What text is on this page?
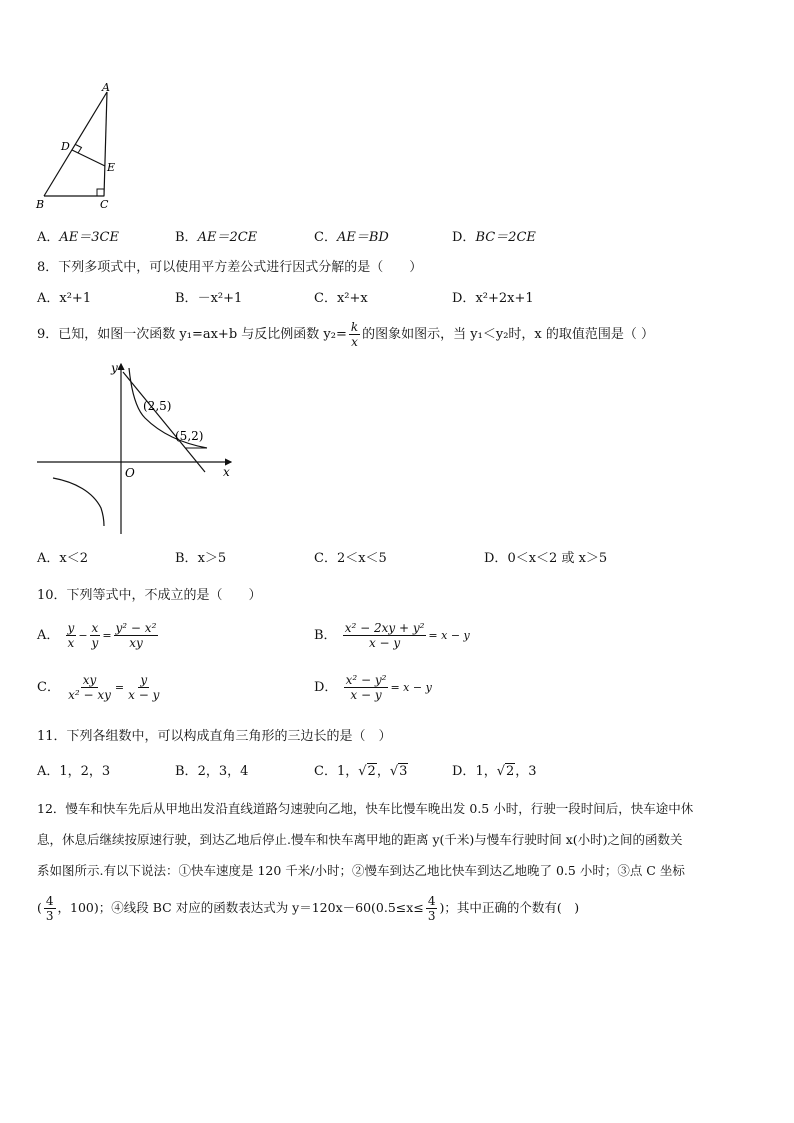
A
B	C
D
E
A．AE＝3CE	B．AE＝2CE	C．AE＝BD	D．BC＝2CE
8．下列多项式中，可以使用平方差公式进行因式分解的是（　　）
A．x²+1	B．－x²+1	C．x²+x	D．x²+2x+1
9．已知，如图一次函数 y₁=ax+b 与反比例函数 $y_2= \frac{k}{x}$ 的图象如图示，当 y₁＜y₂时，x 的取值范围是（ ）
y
x
O
(2,5)
(5,2)
A．x＜2	B．x＞5	C．2＜x＜5	D．0＜x＜2 或 x＞5
10．下列等式中，不成立的是（　　）
A． $\frac{y}{x} - \frac{x}{y} = \frac{\text{y² − x²}}{xy}$	B． $\frac{\text{x² − 2xy + y²}}{x - y} = x - y$
C． $\frac{xy}{\text{x² − xy}} = \frac{y}{x - y}$	D． $\frac{\text{x² − y²}}{x - y} = x - y$
11．下列各组数中，可以构成直角三角形的三边长的是（　）
A．1，2，3	B．2，3，4	C．1，√2，√3	D．1，√2，3
12．慢车和快车先后从甲地出发沿直线道路匀速驶向乙地，快车比慢车晚出发 0.5 小时，行驶一段时间后，快车途中休
息，休息后继续按原速行驶，到达乙地后停止.慢车和快车离甲地的距离 y(千米)与慢车行驶时间 x(小时)之间的函数关
系如图所示.有以下说法：①快车速度是 120 千米/小时；②慢车到达乙地比快车到达乙地晚了 0.5 小时；③点 C 坐标
( $\frac{4}{3}$ ，100)；④线段 BC 对应的函数表达式为 $y=120x-60(0.5\le x\le \frac{4}{3}$ )；其中正确的个数有(　)
